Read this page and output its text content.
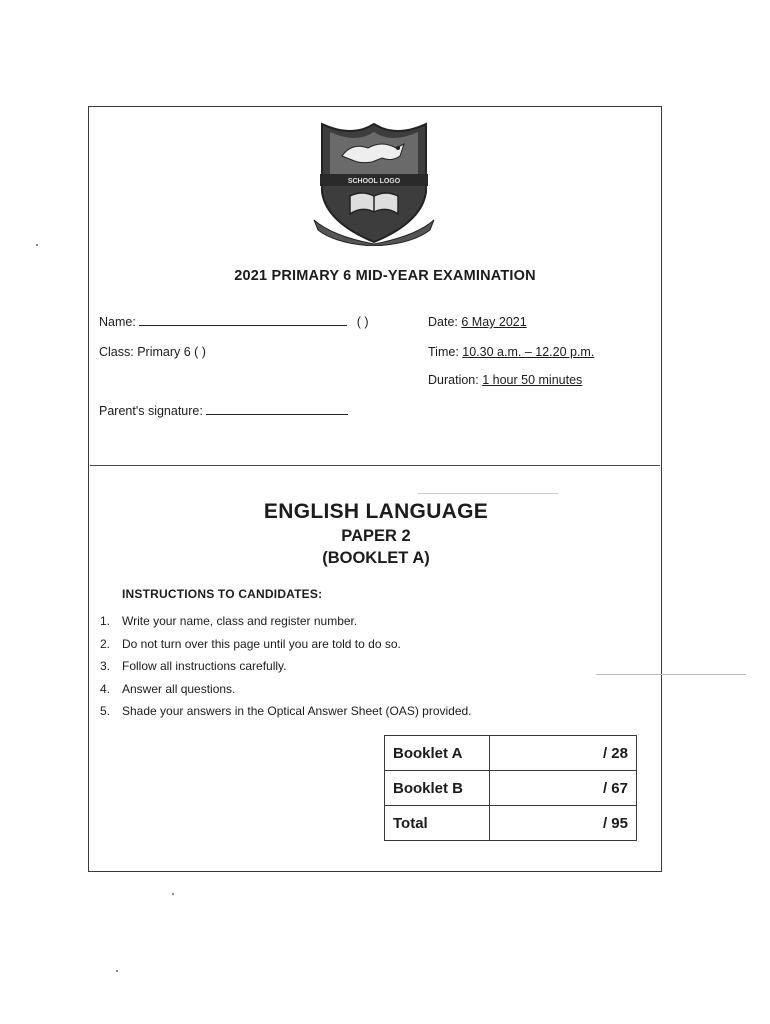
SCHOOL LOGO
2021 PRIMARY 6 MID-YEAR EXAMINATION
Name:	( )
Class: Primary 6 ( )
Parent's signature:
Date: 6 May 2021
Time: 10.30 a.m. – 12.20 p.m.
Duration: 1 hour 50 minutes
ENGLISH LANGUAGE
PAPER 2
(BOOKLET A)
INSTRUCTIONS TO CANDIDATES:
1. Write your name, class and register number.
2. Do not turn over this page until you are told to do so.
3. Follow all instructions carefully.
4. Answer all questions.
5. Shade your answers in the Optical Answer Sheet (OAS) provided.
Booklet A	/ 28
Booklet B	/ 67
Total	/ 95
